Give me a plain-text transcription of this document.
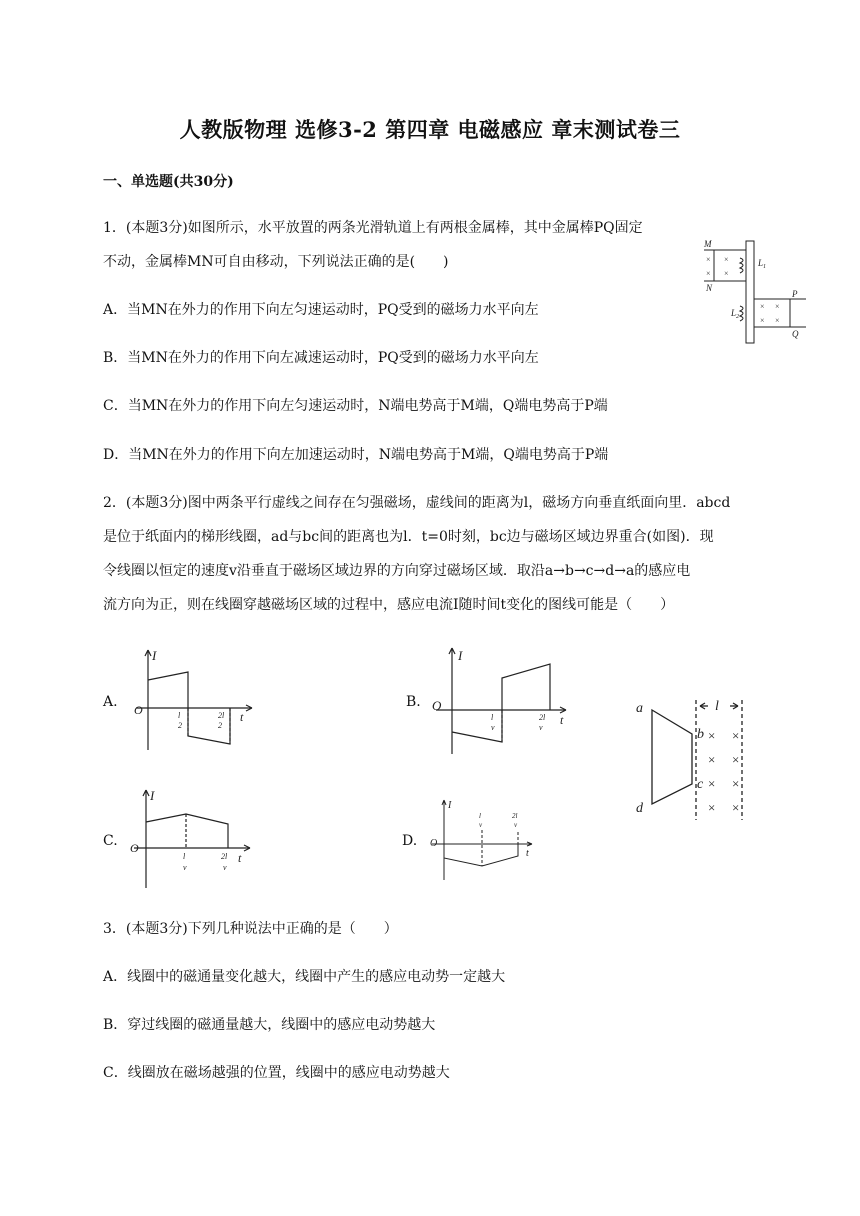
人教版物理 选修3-2 第四章 电磁感应 章末测试卷三
一、单选题(共30分)
1．(本题3分)如图所示，水平放置的两条光滑轨道上有两根金属棒，其中金属棒PQ固定
不动，金属棒MN可自由移动，下列说法正确的是(　　)
A．当MN在外力的作用下向左匀速运动时，PQ受到的磁场力水平向左
B．当MN在外力的作用下向左减速运动时，PQ受到的磁场力水平向左
C．当MN在外力的作用下向左匀速运动时，N端电势高于M端，Q端电势高于P端
D．当MN在外力的作用下向左加速运动时，N端电势高于M端，Q端电势高于P端
M
N
$L_1$
$L_2$
P
Q
× ×
× ×
× ×
× ×
2．(本题3分)图中两条平行虚线之间存在匀强磁场，虚线间的距离为l，磁场方向垂直纸面向里．abcd
是位于纸面内的梯形线圈，ad与bc间的距离也为l．t=0时刻，bc边与磁场区域边界重合(如图)．现
令线圈以恒定的速度v沿垂直于磁场区域边界的方向穿过磁场区域．取沿a→b→c→d→a的感应电
流方向为正，则在线圈穿越磁场区域的过程中，感应电流I随时间t变化的图线可能是（　　）
A.
I
O	t
l
2
2l
2
B.
I
O
t
l
v
2l
v
a
b
c
d
l
× ×
× ×
× ×
× ×
C.
I
O
t
l
v
2l
v
D.
I
O
t
l
v
2l
v
3．(本题3分)下列几种说法中正确的是（　　）
A．线圈中的磁通量变化越大，线圈中产生的感应电动势一定越大
B．穿过线圈的磁通量越大，线圈中的感应电动势越大
C．线圈放在磁场越强的位置，线圈中的感应电动势越大
